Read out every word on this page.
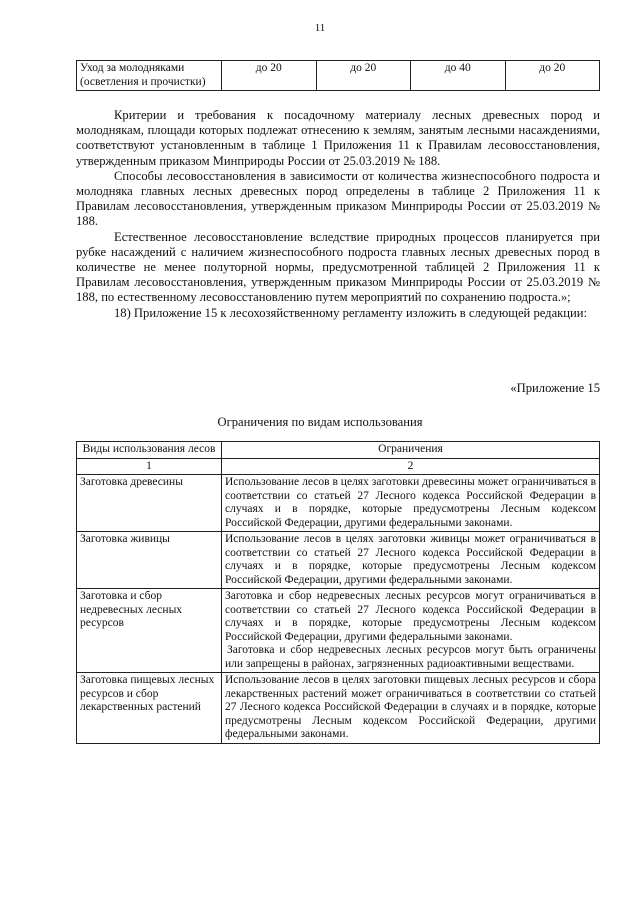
11
Уход за молодняками (осветления и прочистки)	до 20	до 20	до 40	до 20

Критерии и требования к посадочному материалу лесных древесных пород и молоднякам, площади которых подлежат отнесению к землям, занятым лесными насаждениями, соответствуют установленным в таблице 1 Приложения 11 к Правилам лесовосстановления, утвержденным приказом Минприроды России от 25.03.2019 № 188.

Способы лесовосстановления в зависимости от количества жизнеспособного подроста и молодняка главных лесных древесных пород определены в таблице 2 Приложения 11 к Правилам лесовосстановления, утвержденным приказом Минприроды России от 25.03.2019 № 188.

Естественное лесовосстановление вследствие природных процессов планируется при рубке насаждений с наличием жизнеспособного подроста главных лесных древесных пород в количестве не менее полуторной нормы, предусмотренной таблицей 2 Приложения 11 к Правилам лесовосстановления, утвержденным приказом Минприроды России от 25.03.2019 № 188, по естественному лесовосстановлению путем мероприятий по сохранению подроста.»;

18) Приложение 15 к лесохозяйственному регламенту изложить в следующей редакции:

«Приложение 15
Ограничения по видам использования
Виды использования лесов	Ограничения
1	2
Заготовка древесины	Использование лесов в целях заготовки древесины может ограничиваться в соответствии со статьей 27 Лесного кодекса Российской Федерации в случаях и в порядке, которые предусмотрены Лесным кодексом Российской Федерации, другими федеральными законами.

Заготовка живицы	Использование лесов в целях заготовки живицы может ограничиваться в соответствии со статьей 27 Лесного кодекса Российской Федерации в случаях и в порядке, которые предусмотрены Лесным кодексом Российской Федерации, другими федеральными законами.

Заготовка и сбор недревесных лесных ресурсов	Заготовка и сбор недревесных лесных ресурсов могут ограничиваться в соответствии со статьей 27 Лесного кодекса Российской Федерации в случаях и в порядке, которые предусмотрены Лесным кодексом Российской Федерации, другими федеральными законами.

Заготовка и сбор недревесных лесных ресурсов могут быть ограничены или запрещены в районах, загрязненных радиоактивными веществами.

Заготовка пищевых лесных ресурсов и сбор лекарственных растений	Использование лесов в целях заготовки пищевых лесных ресурсов и сбора лекарственных растений может ограничиваться в соответствии со статьей 27 Лесного кодекса Российской Федерации в случаях и в порядке, которые предусмотрены Лесным кодексом Российской Федерации, другими федеральными законами.
